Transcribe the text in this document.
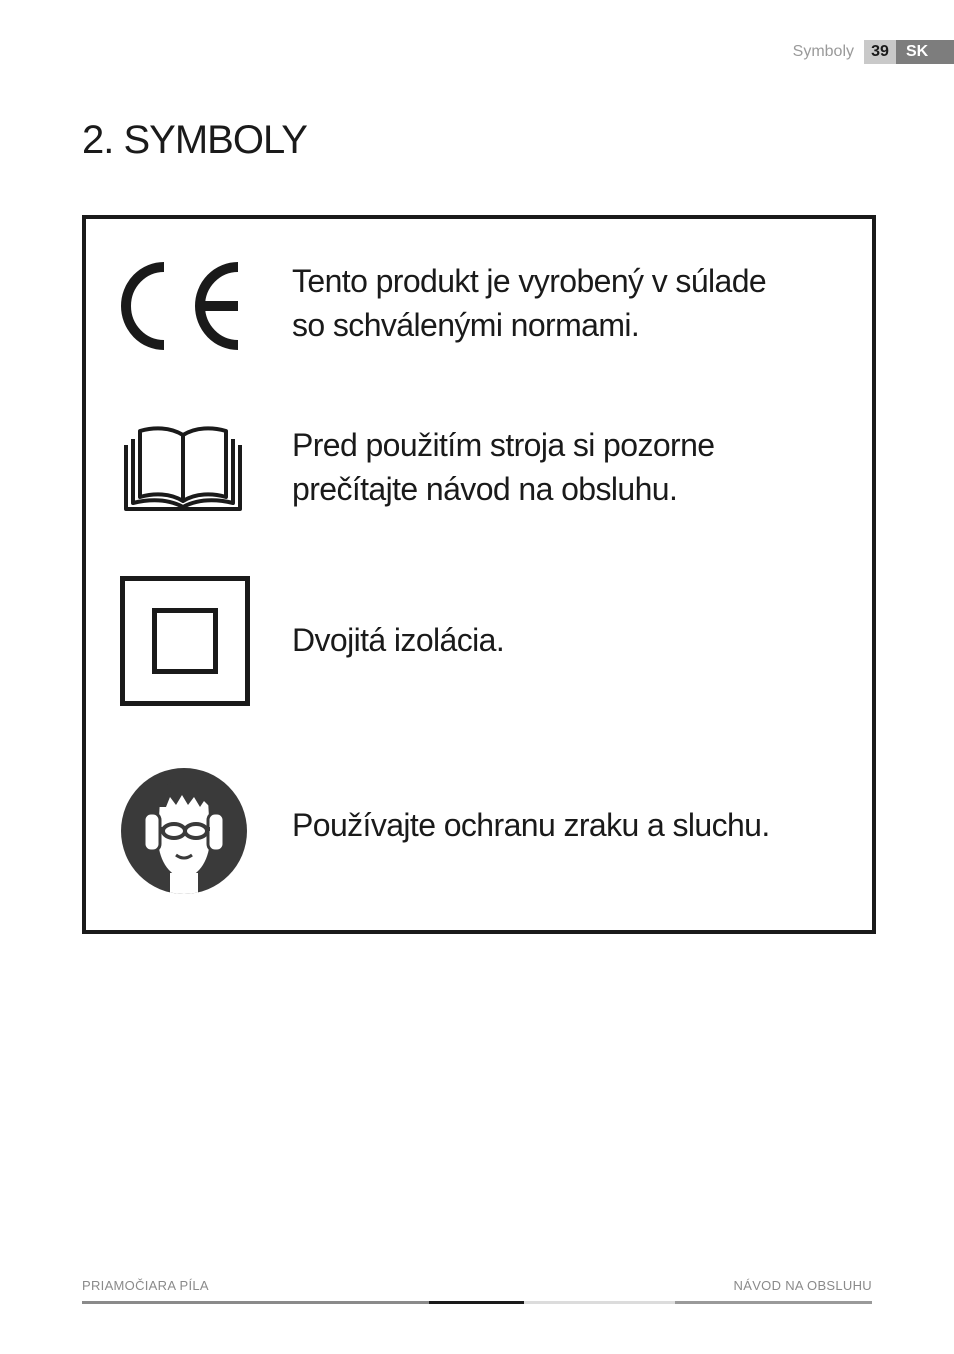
Symboly	39	SK
2. SYMBOLY

Tento produkt je vyrobený v súlade
so schválenými normami.

Pred použitím stroja si pozorne
prečítajte návod na obsluhu.

Dvojitá izolácia.

Používajte ochranu zraku a sluchu.

PRIAMOČIARA PÍLA	NÁVOD NA OBSLUHU
